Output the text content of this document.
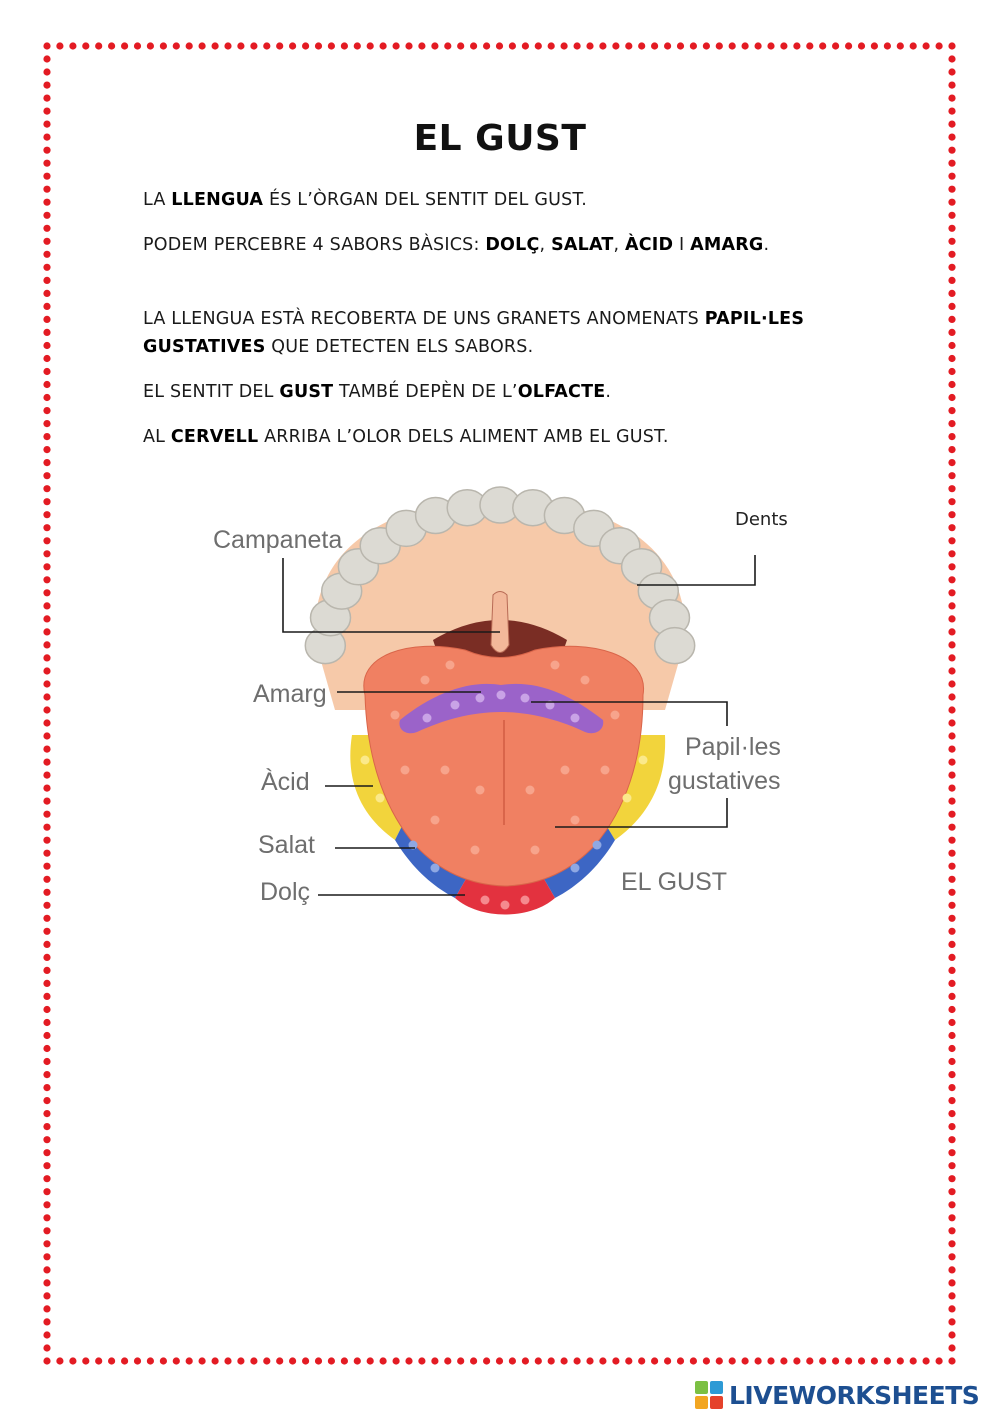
EL GUST

LA LLENGUA ÉS L’ÒRGAN DEL SENTIT DEL GUST.

PODEM PERCEBRE 4 SABORS BÀSICS: DOLÇ, SALAT, ÀCID I AMARG.

LA LLENGUA ESTÀ RECOBERTA DE UNS GRANETS ANOMENATS PAPIL·LES GUSTATIVES QUE DETECTEN ELS SABORS.

EL SENTIT DEL GUST TAMBÉ DEPÈN DE L’OLFACTE.

AL CERVELL ARRIBA L’OLOR DELS ALIMENT AMB EL GUST.

Campaneta
Amarg
Papil·les
gustatives
Àcid
Salat
Dolç	EL GUST
Dents
LIVEWORKSHEETS
